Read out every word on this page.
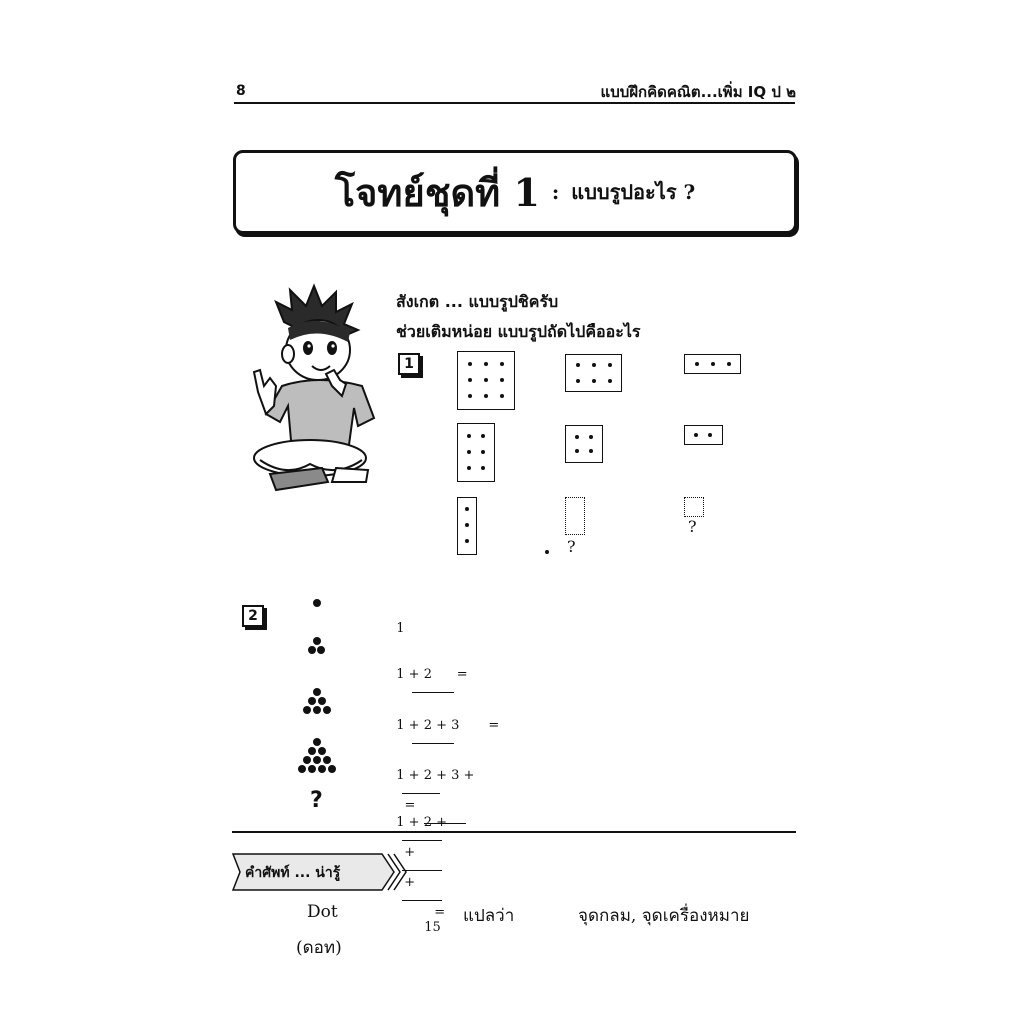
8	แบบฝึกคิดคณิต...เพิ่ม IQ ป ๒
โจทย์ชุดที่ 1 : แบบรูปอะไร ?
สังเกต ... แบบรูปชิครับ
ช่วยเติมหน่อย แบบรูปถัดไปคืออะไร
1
?
?
2
?

1

1 + 2      =

1 + 2 + 3       =

1 + 2 + 3 +

=

1 + 2 +

+

+

=
15

คำศัพท์ ... น่ารู้
Dot
(ดอท)
แปลว่า	จุดกลม, จุดเครื่องหมาย
